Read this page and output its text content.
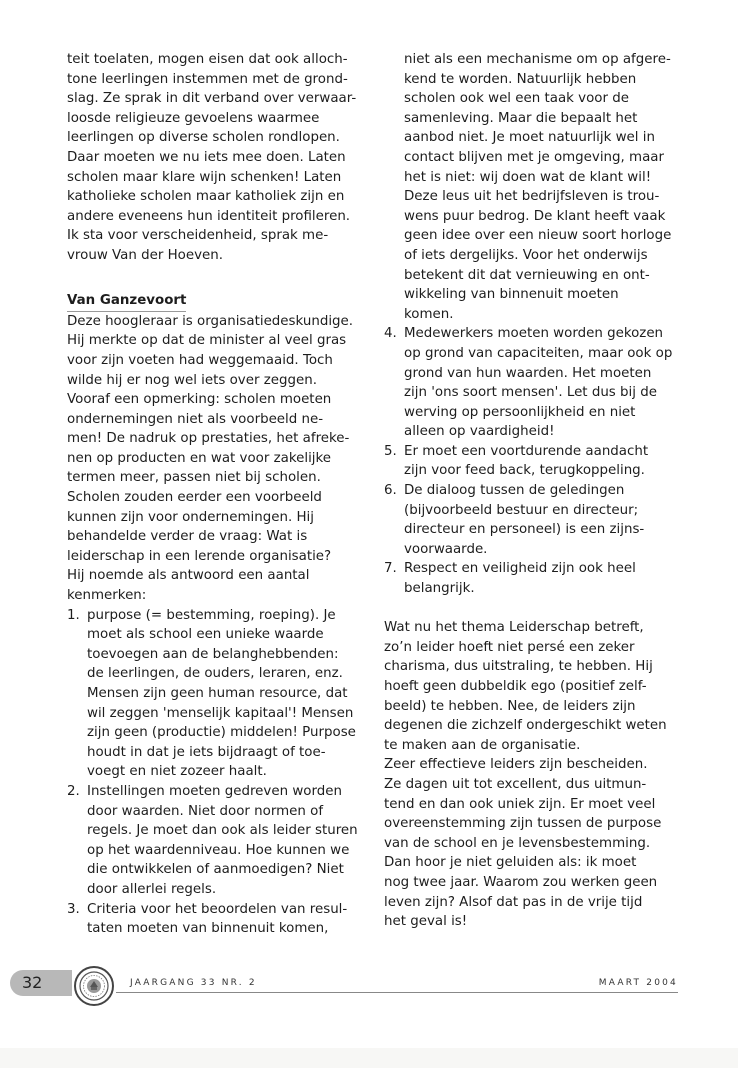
teit toelaten, mogen eisen dat ook alloch-

tone leerlingen instemmen met de grond-

slag. Ze sprak in dit verband over verwaar-

loosde religieuze gevoelens waarmee

leerlingen op diverse scholen rondlopen.

Daar moeten we nu iets mee doen. Laten

scholen maar klare wijn schenken! Laten

katholieke scholen maar katholiek zijn en

andere eveneens hun identiteit profileren.

Ik sta voor verscheidenheid, sprak me-

vrouw Van der Hoeven.

Van Ganzevoort

Deze hoogleraar is organisatiedeskundige.

Hij merkte op dat de minister al veel gras

voor zijn voeten had weggemaaid. Toch

wilde hij er nog wel iets over zeggen.

Vooraf een opmerking: scholen moeten

ondernemingen niet als voorbeeld ne-

men! De nadruk op prestaties, het afreke-

nen op producten en wat voor zakelijke

termen meer, passen niet bij scholen.

Scholen zouden eerder een voorbeeld

kunnen zijn voor ondernemingen. Hij

behandelde verder de vraag: Wat is

leiderschap in een lerende organisatie?

Hij noemde als antwoord een aantal

kenmerken:

1. purpose (= bestemming, roeping). Je

moet als school een unieke waarde

toevoegen aan de belanghebbenden:

de leerlingen, de ouders, leraren, enz.

Mensen zijn geen human resource, dat

wil zeggen 'menselijk kapitaal'! Mensen

zijn geen (productie) middelen! Purpose

houdt in dat je iets bijdraagt of toe-

voegt en niet zozeer haalt.

2. Instellingen moeten gedreven worden

door waarden. Niet door normen of

regels. Je moet dan ook als leider sturen

op het waardenniveau. Hoe kunnen we

die ontwikkelen of aanmoedigen? Niet

door allerlei regels.

3. Criteria voor het beoordelen van resul-

taten moeten van binnenuit komen,

niet als een mechanisme om op afgere-

kend te worden. Natuurlijk hebben

scholen ook wel een taak voor de

samenleving. Maar die bepaalt het

aanbod niet. Je moet natuurlijk wel in

contact blijven met je omgeving, maar

het is niet: wij doen wat de klant wil!

Deze leus uit het bedrijfsleven is trou-

wens puur bedrog. De klant heeft vaak

geen idee over een nieuw soort horloge

of iets dergelijks. Voor het onderwijs

betekent dit dat vernieuwing en ont-

wikkeling van binnenuit moeten

komen.

4. Medewerkers moeten worden gekozen

op grond van capaciteiten, maar ook op

grond van hun waarden. Het moeten

zijn 'ons soort mensen'. Let dus bij de

werving op persoonlijkheid en niet

alleen op vaardigheid!

5. Er moet een voortdurende aandacht

zijn voor feed back, terugkoppeling.

6. De dialoog tussen de geledingen

(bijvoorbeeld bestuur en directeur;

directeur en personeel) is een zijns-

voorwaarde.

7. Respect en veiligheid zijn ook heel

belangrijk.

Wat nu het thema Leiderschap betreft,

zo’n leider hoeft niet persé een zeker

charisma, dus uitstraling, te hebben. Hij

hoeft geen dubbeldik ego (positief zelf-

beeld) te hebben. Nee, de leiders zijn

degenen die zichzelf ondergeschikt weten

te maken aan de organisatie.

Zeer effectieve leiders zijn bescheiden.

Ze dagen uit tot excellent, dus uitmun-

tend en dan ook uniek zijn. Er moet veel

overeenstemming zijn tussen de purpose

van de school en je levensbestemming.

Dan hoor je niet geluiden als: ik moet

nog twee jaar. Waarom zou werken geen

leven zijn? Alsof dat pas in de vrije tijd

het geval is!

32	JAARGANG 33 NR. 2	MAART 2004
